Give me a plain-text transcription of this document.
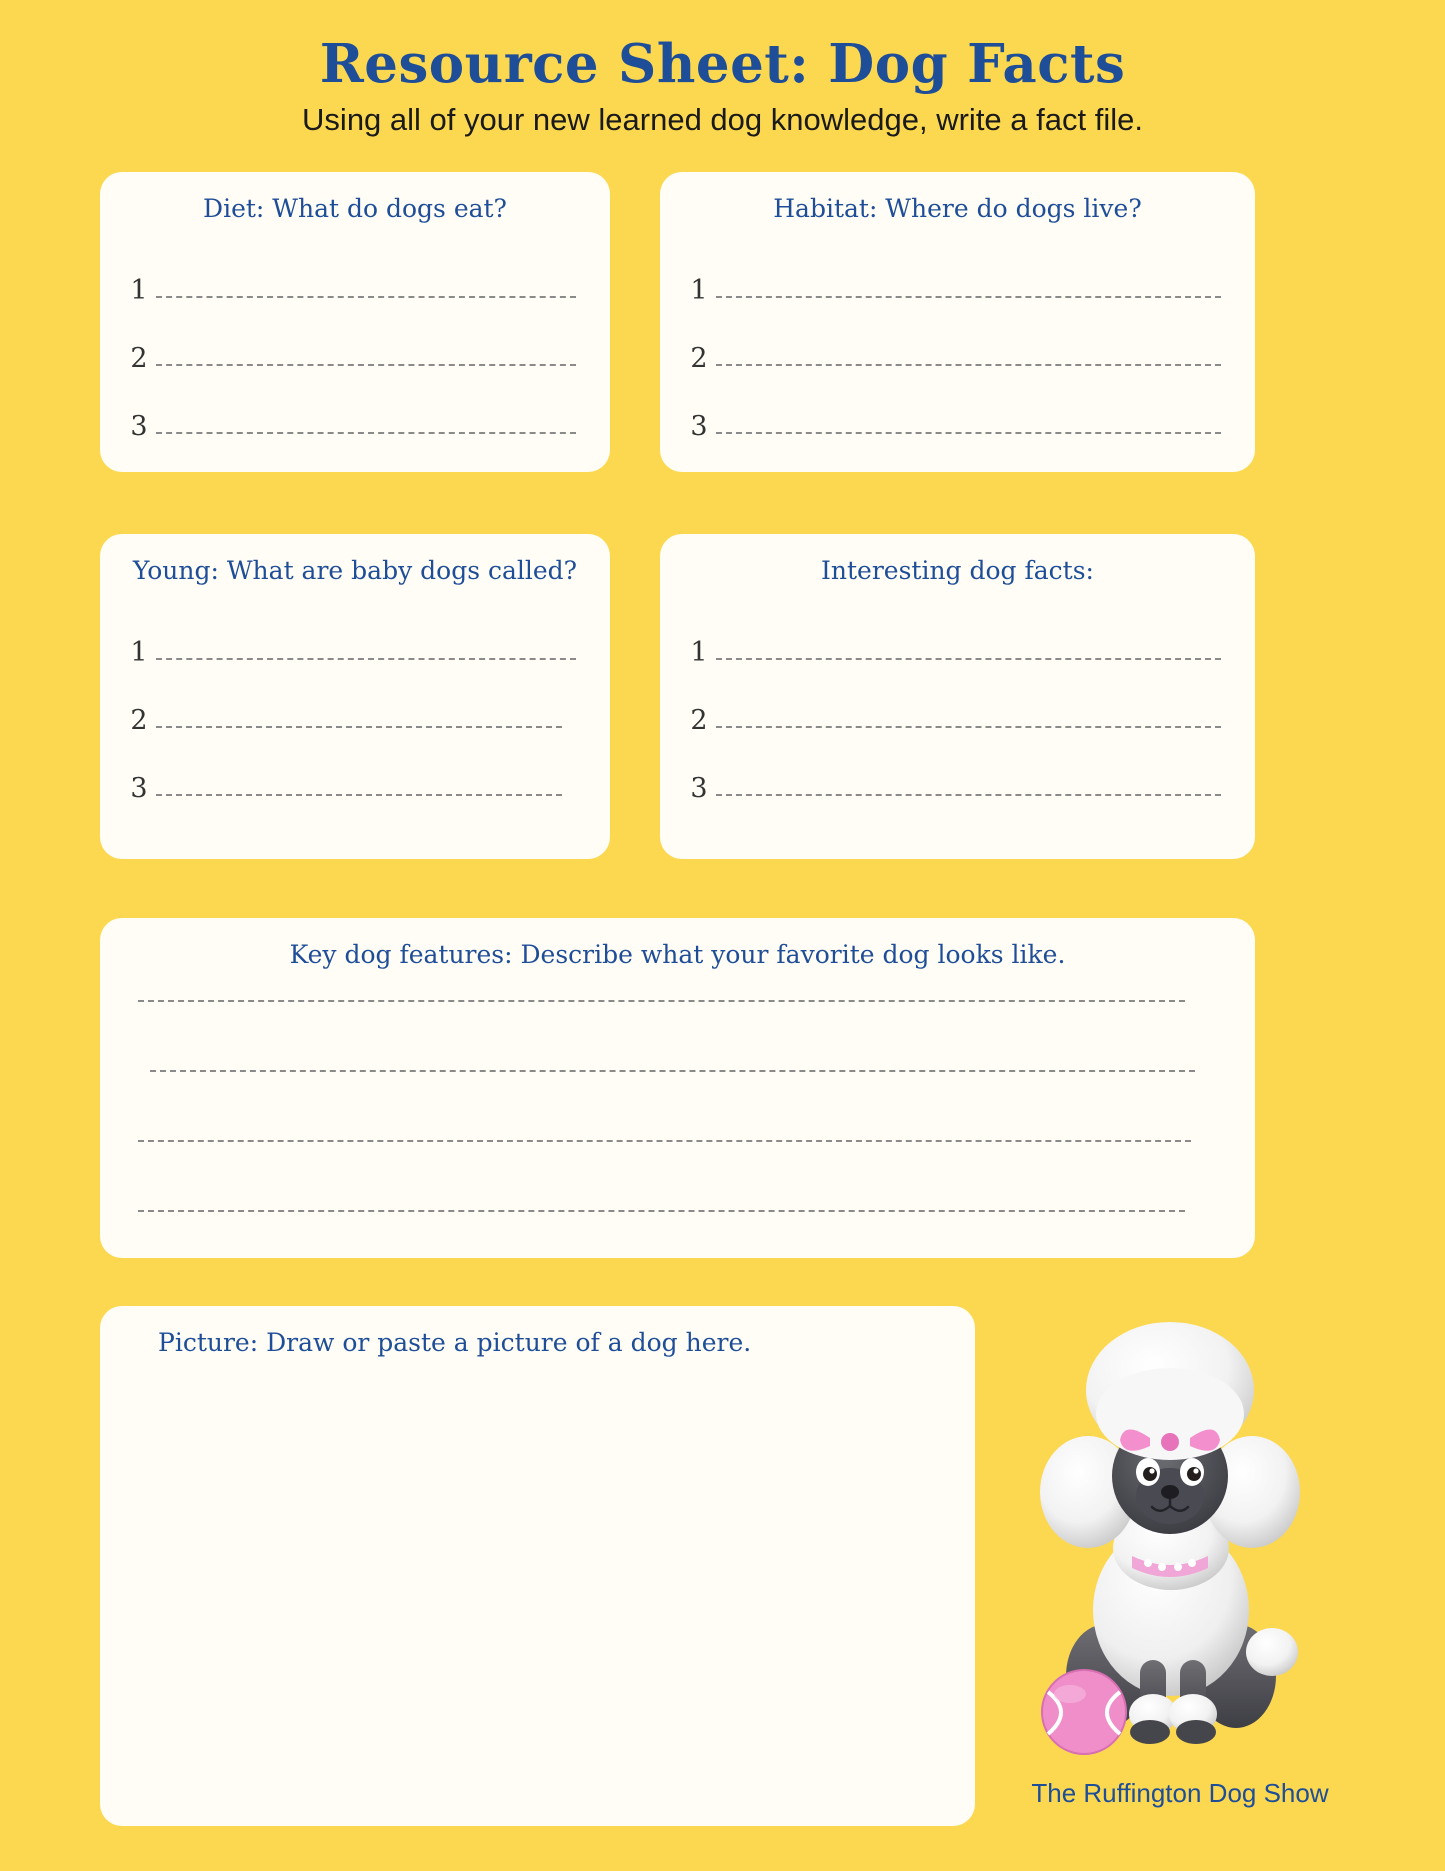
Resource Sheet: Dog Facts

Using all of your new learned dog knowledge, write a fact file.

Diet: What do dogs eat?
1
2
3
Habitat: Where do dogs live?
1
2
3
Young: What are baby dogs called?
1
2
3
Interesting dog facts:
1
2
3
Key dog features: Describe what your favorite dog looks like.
Picture: Draw or paste a picture of a dog here.
The Ruffington Dog Show
